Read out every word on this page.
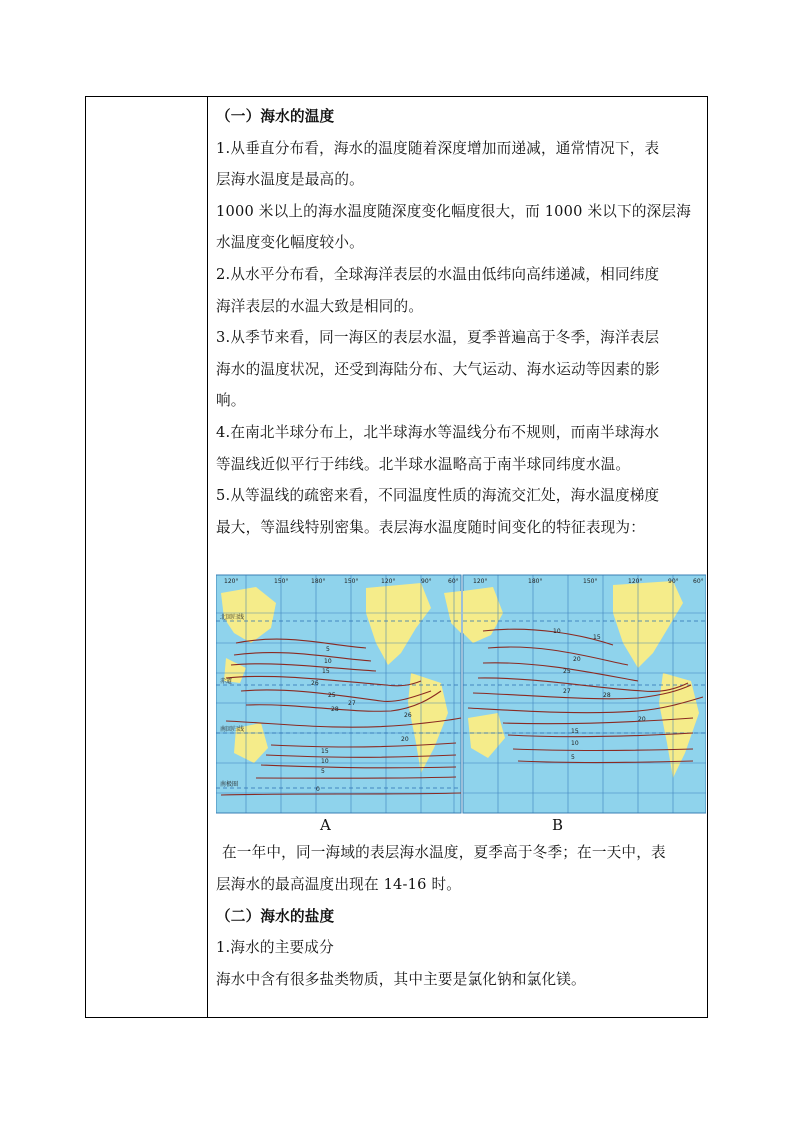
（一）海水的温度
1.从垂直分布看，海水的温度随着深度增加而递减，通常情况下，表
层海水温度是最高的。
1000 米以上的海水温度随深度变化幅度很大，而 1000 米以下的深层海
水温度变化幅度较小。
2.从水平分布看，全球海洋表层的水温由低纬向高纬递减，相同纬度
海洋表层的水温大致是相同的。
3.从季节来看，同一海区的表层水温，夏季普遍高于冬季，海洋表层
海水的温度状况，还受到海陆分布、大气运动、海水运动等因素的影
响。
4.在南北半球分布上，北半球海水等温线分布不规则，而南半球海水
等温线近似平行于纬线。北半球水温略高于南半球同纬度水温。
5.从等温线的疏密来看，不同温度性质的海流交汇处，海水温度梯度
最大，等温线特别密集。表层海水温度随时间变化的特征表现为：
120°	150°	180°	150°	120°	90°	60°
北回归线
赤道
南回归线
南极圈
5
10
15
26
25
27
28
26
20
15
10
5
0
120°	180°	150°	120°	90° 60°
10
15
20
25
27
28
20
15
10
5
A	B
在一年中，同一海域的表层海水温度，夏季高于冬季；在一天中，表
层海水的最高温度出现在 14-16 时。
（二）海水的盐度
1.海水的主要成分
海水中含有很多盐类物质，其中主要是氯化钠和氯化镁。
